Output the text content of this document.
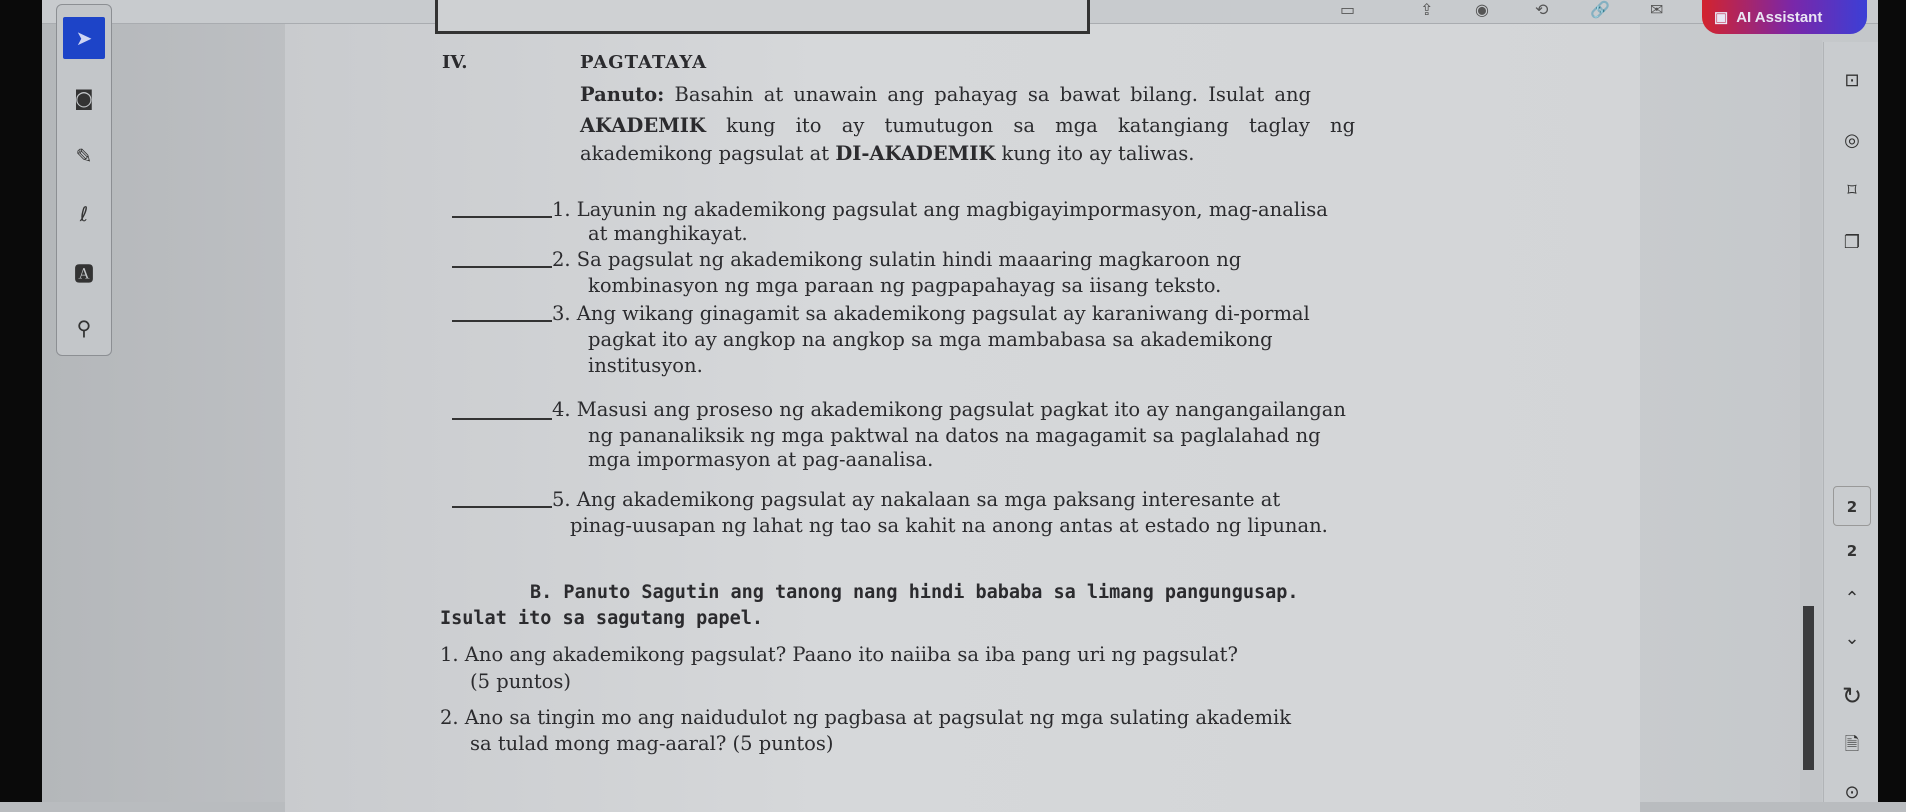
▭	⇪	◉	⟲	🔗	✉	▣ AI Assistant
➤
◙
✎
ℓ
🅰
⚲
⊡
◎
⌑
❐
2
2
⌃
⌄
↻
🗎
⊙
IV.	PAGTATAYA
Panuto: Basahin at unawain ang pahayag sa bawat bilang. Isulat ang
AKADEMIK kung ito ay tumutugon sa mga katangiang taglay ng
akademikong pagsulat at DI-AKADEMIK kung ito ay taliwas.
1. Layunin ng akademikong pagsulat ang magbigayimpormasyon, mag-analisa
at manghikayat.
2. Sa pagsulat ng akademikong sulatin hindi maaaring magkaroon ng
kombinasyon ng mga paraan ng pagpapahayag sa iisang teksto.
3. Ang wikang ginagamit sa akademikong pagsulat ay karaniwang di-pormal
pagkat ito ay angkop na angkop sa mga mambabasa sa akademikong
institusyon.
4. Masusi ang proseso ng akademikong pagsulat pagkat ito ay nangangailangan
ng pananaliksik ng mga paktwal na datos na magagamit sa paglalahad ng
mga impormasyon at pag-aanalisa.
5. Ang akademikong pagsulat ay nakalaan sa mga paksang interesante at
pinag-uusapan ng lahat ng tao sa kahit na anong antas at estado ng lipunan.
B. Panuto Sagutin ang tanong nang hindi bababa sa limang pangungusap.
Isulat ito sa sagutang papel.
1. Ano ang akademikong pagsulat? Paano ito naiiba sa iba pang uri ng pagsulat?
(5 puntos)
2. Ano sa tingin mo ang naidudulot ng pagbasa at pagsulat ng mga sulating akademik
sa tulad mong mag-aaral? (5 puntos)
